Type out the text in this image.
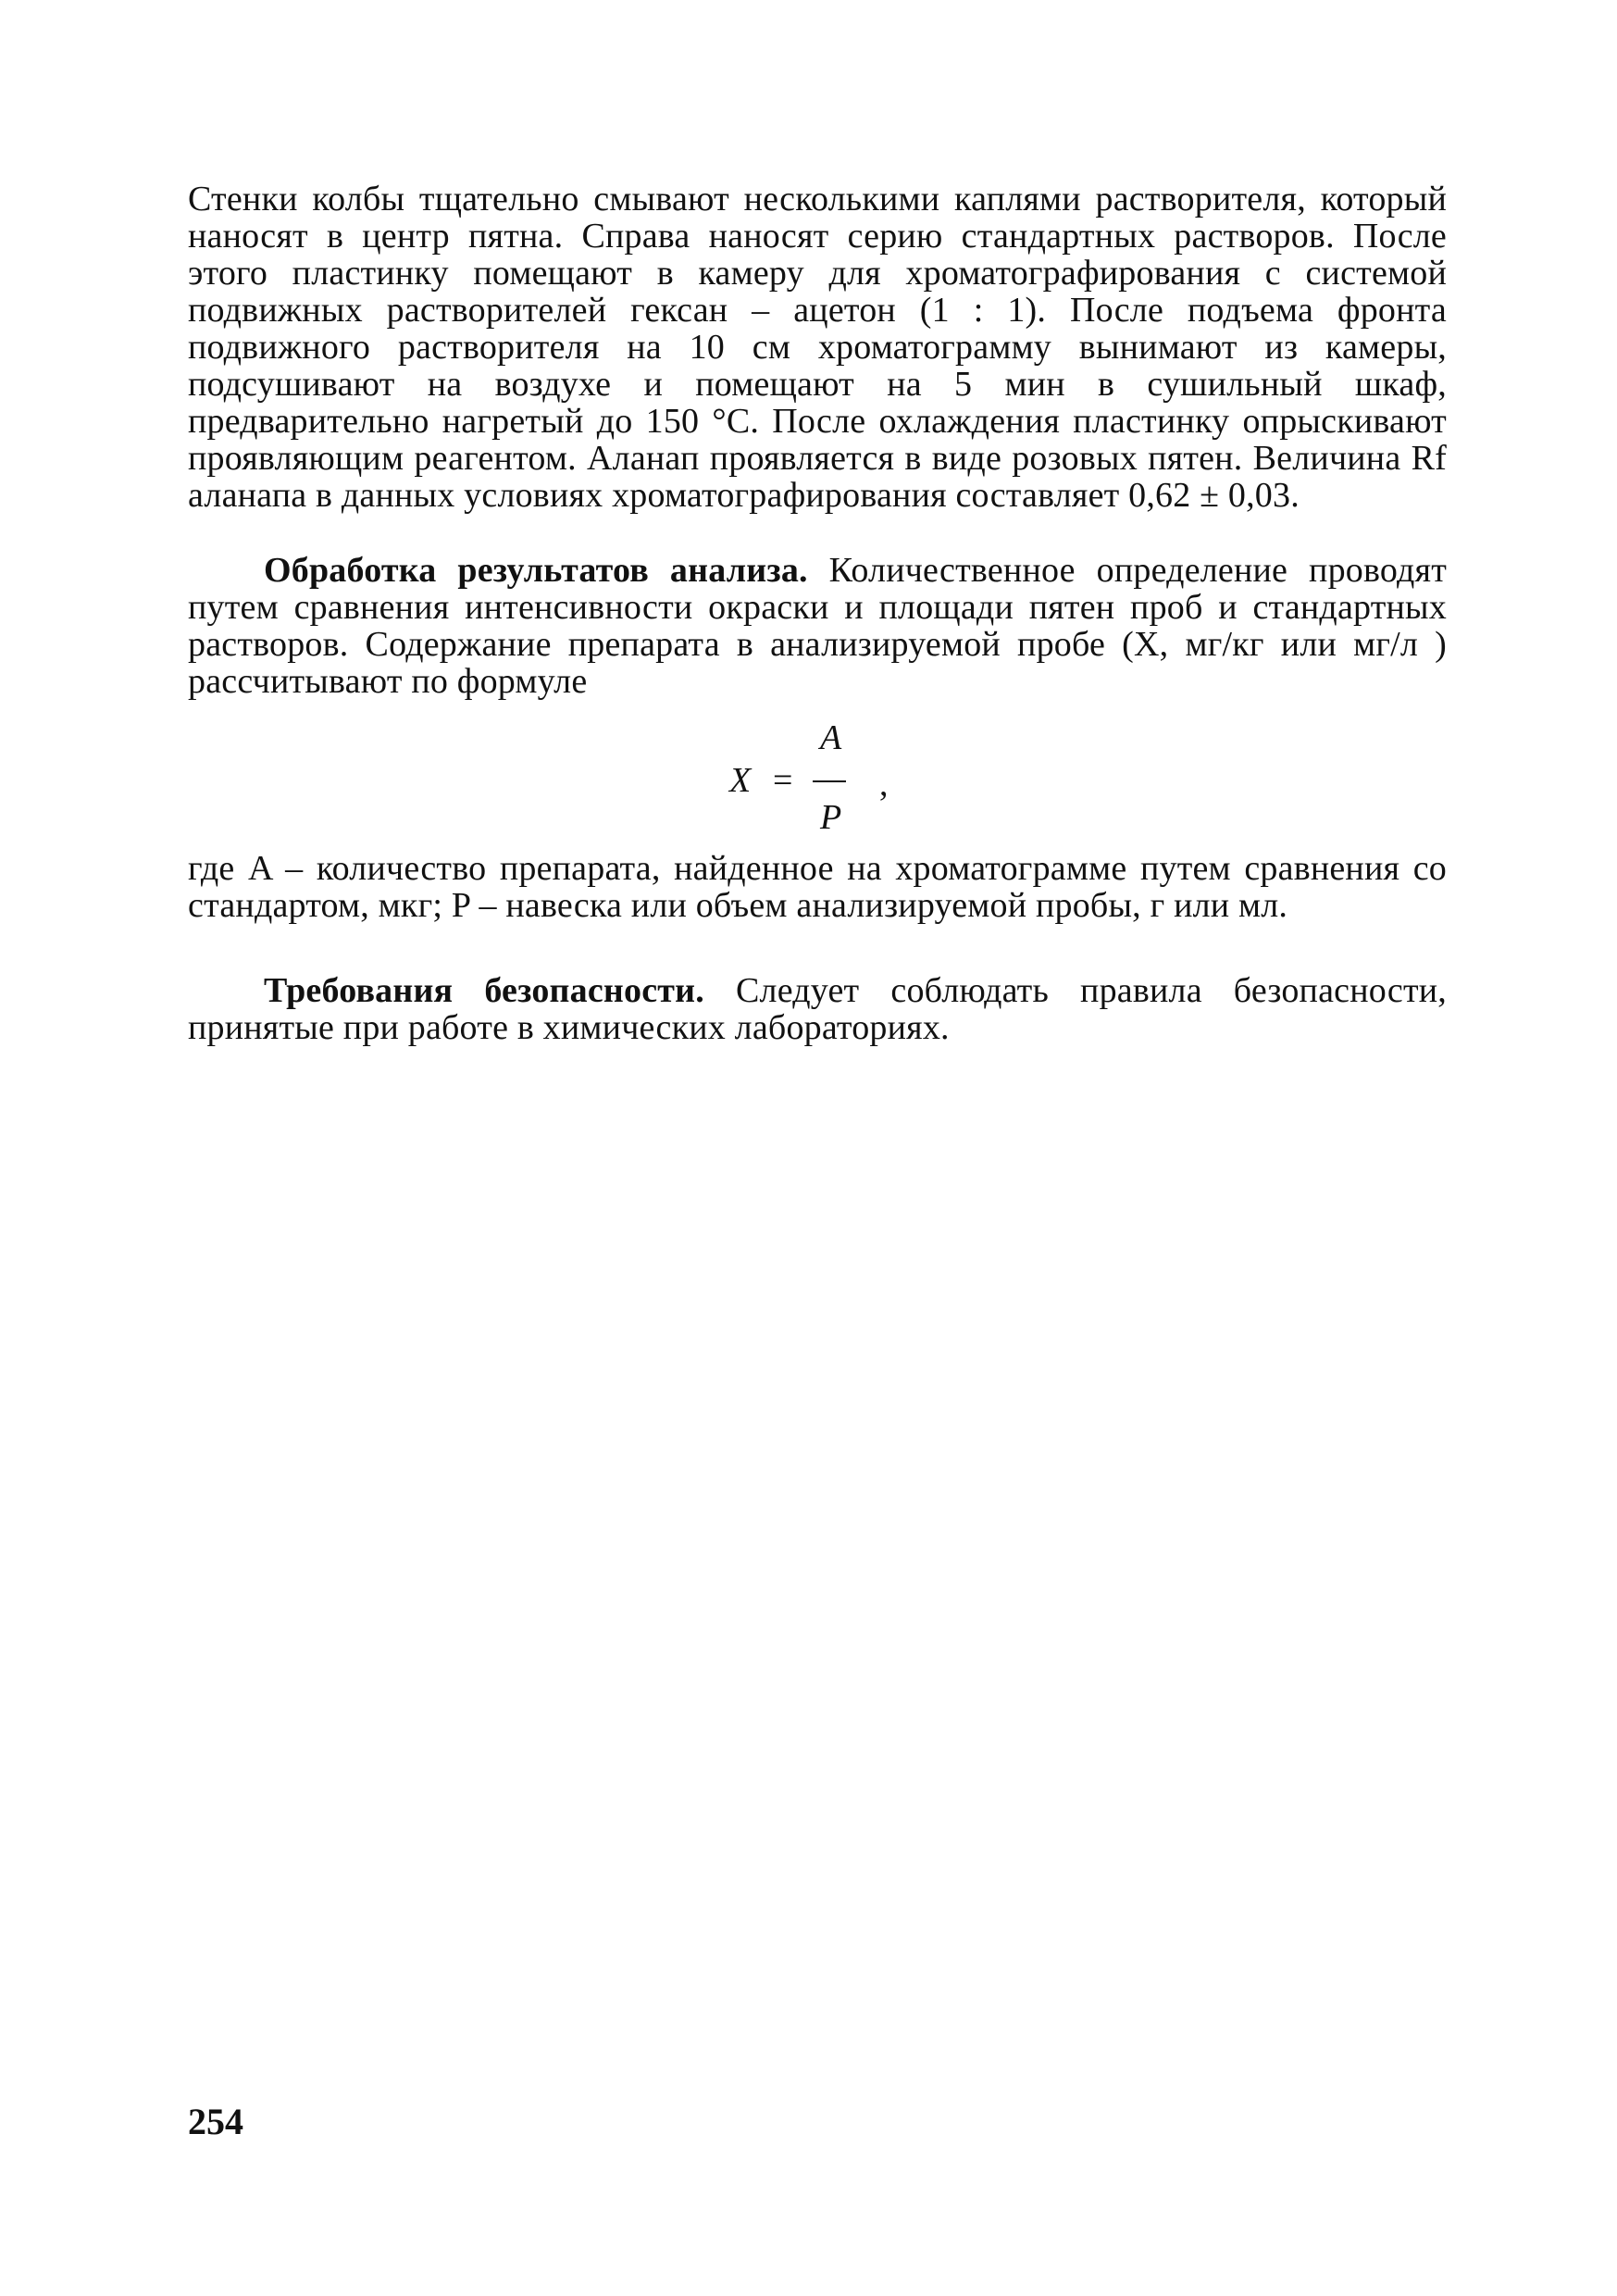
Стенки колбы тщательно смывают несколькими каплями растворителя, который наносят в центр пятна. Справа наносят серию стандартных растворов. После этого пластинку помещают в камеру для хроматографирования с системой подвижных растворителей гексан – ацетон (1 : 1). После подъема фронта подвижного растворителя на 10 см хроматограмму вынимают из камеры, подсушивают на воздухе и помещают на 5 мин в сушильный шкаф, предварительно нагретый до 150 °С. После охлаждения пластинку опрыскивают проявляющим реагентом. Аланап проявляется в виде розовых пятен. Величина Rf аланапа в данных условиях хроматографирования составляет 0,62 ± 0,03.

Обработка результатов анализа. Количественное определение проводят путем сравнения интенсивности окраски и площади пятен проб и стандартных растворов. Содержание препарата в анализируемой пробе (X, мг/кг или мг/л ) рассчитывают по формуле

X =
A
P
,

где A – количество препарата, найденное на хроматограмме путем сравнения со стандартом, мкг; P – навеска или объем анализируемой пробы, г или мл.

Требования безопасности. Следует соблюдать правила безопасности, принятые при работе в химических лабораториях.

254
